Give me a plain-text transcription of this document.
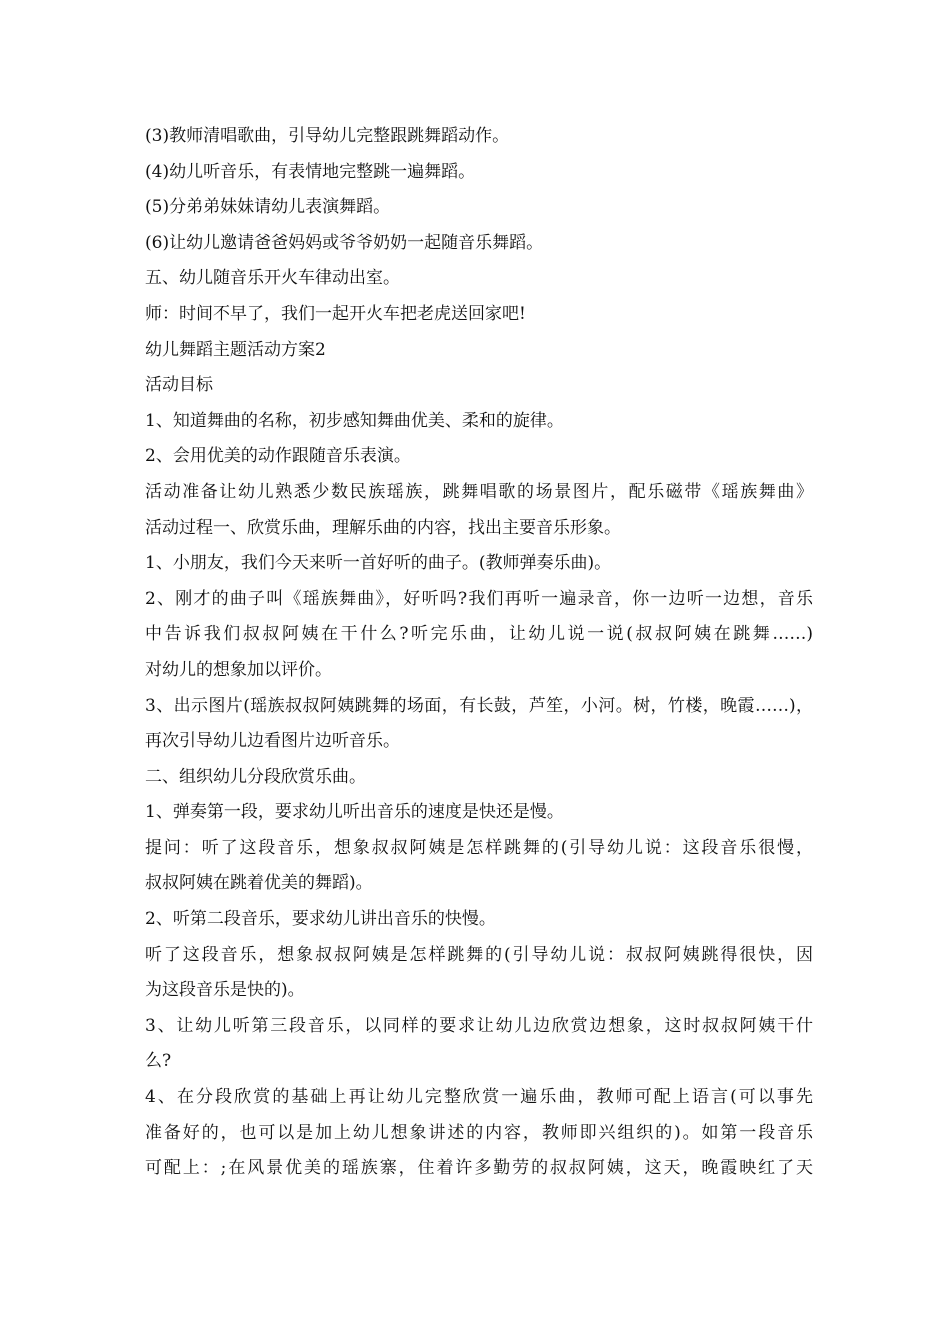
(3)教师清唱歌曲，引导幼儿完整跟跳舞蹈动作。
(4)幼儿听音乐，有表情地完整跳一遍舞蹈。
(5)分弟弟妹妹请幼儿表演舞蹈。
(6)让幼儿邀请爸爸妈妈或爷爷奶奶一起随音乐舞蹈。
五、幼儿随音乐开火车律动出室。
师：时间不早了，我们一起开火车把老虎送回家吧!
幼儿舞蹈主题活动方案2
活动目标
1、知道舞曲的名称，初步感知舞曲优美、柔和的旋律。
2、会用优美的动作跟随音乐表演。
活动准备让幼儿熟悉少数民族瑶族，跳舞唱歌的场景图片，配乐磁带《瑶族舞曲》
活动过程一、欣赏乐曲，理解乐曲的内容，找出主要音乐形象。
1、小朋友，我们今天来听一首好听的曲子。(教师弹奏乐曲)。
2、刚才的曲子叫《瑶族舞曲》，好听吗?我们再听一遍录音，你一边听一边想，音乐
中告诉我们叔叔阿姨在干什么?听完乐曲，让幼儿说一说(叔叔阿姨在跳舞……)
对幼儿的想象加以评价。
3、出示图片(瑶族叔叔阿姨跳舞的场面，有长鼓，芦笙，小河。树，竹楼，晚霞……)，
再次引导幼儿边看图片边听音乐。
二、组织幼儿分段欣赏乐曲。
1、弹奏第一段，要求幼儿听出音乐的速度是快还是慢。
提问：听了这段音乐，想象叔叔阿姨是怎样跳舞的(引导幼儿说：这段音乐很慢，
叔叔阿姨在跳着优美的舞蹈)。
2、听第二段音乐，要求幼儿讲出音乐的快慢。
听了这段音乐，想象叔叔阿姨是怎样跳舞的(引导幼儿说：叔叔阿姨跳得很快，因
为这段音乐是快的)。
3、让幼儿听第三段音乐，以同样的要求让幼儿边欣赏边想象，这时叔叔阿姨干什
么?
4、在分段欣赏的基础上再让幼儿完整欣赏一遍乐曲，教师可配上语言(可以事先
准备好的，也可以是加上幼儿想象讲述的内容，教师即兴组织的)。如第一段音乐
可配上：;在风景优美的瑶族寨，住着许多勤劳的叔叔阿姨，这天，晚霞映红了天
